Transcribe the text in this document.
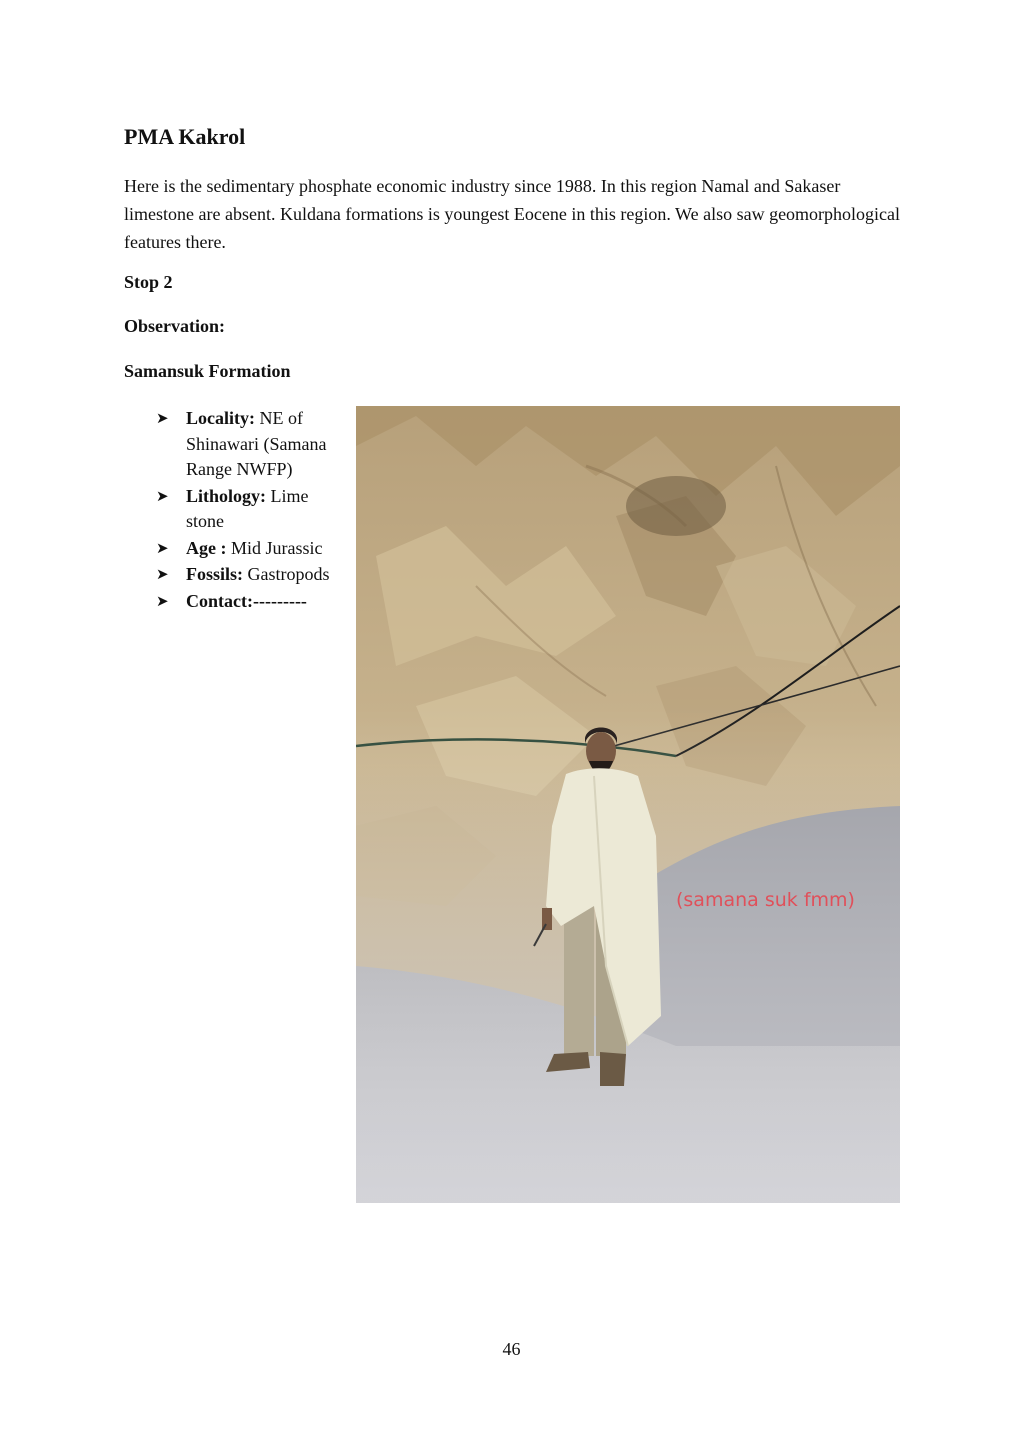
PMA Kakrol

Here is the sedimentary phosphate economic industry since 1988. In this region Namal and Sakaser limestone are absent. Kuldana formations is youngest Eocene in this region. We also saw geomorphological features there.

Stop 2

Observation:

Samansuk Formation

➤ Locality: NE of Shinawari (Samana Range NWFP)
➤ Lithology: Lime stone
➤ Age : Mid Jurassic
➤ Fossils: Gastropods
➤ Contact:---------
(samana suk fmm)

46
